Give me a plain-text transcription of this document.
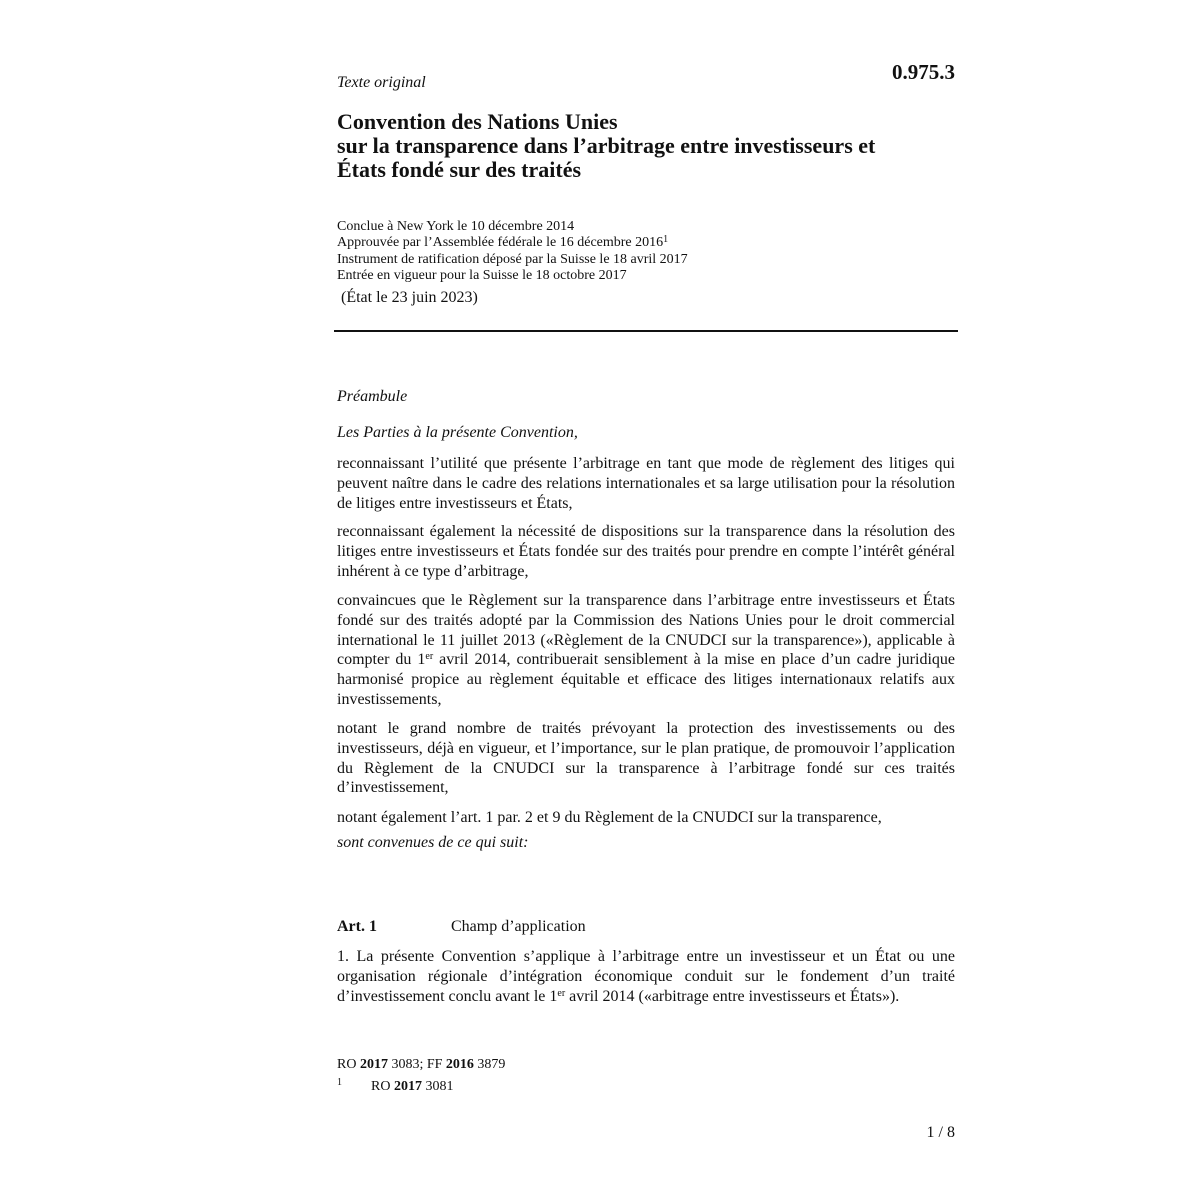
0.975.3

Texte original

Convention des Nations Unies
sur la transparence dans l’arbitrage entre investisseurs et
États fondé sur des traités
Conclue à New York le 10 décembre 2014
Approuvée par l’Assemblée fédérale le 16 décembre 2016$^1$
Instrument de ratification déposé par la Suisse le 18 avril 2017
Entrée en vigueur pour la Suisse le 18 octobre 2017

(État le 23 juin 2023)

Préambule

Les Parties à la présente Convention,

reconnaissant l’utilité que présente l’arbitrage en tant que mode de règlement des litiges qui peuvent naître dans le cadre des relations internationales et sa large utilisation pour la résolution de litiges entre investisseurs et États,

reconnaissant également la nécessité de dispositions sur la transparence dans la résolution des litiges entre investisseurs et États fondée sur des traités pour prendre en compte l’intérêt général inhérent à ce type d’arbitrage,

convaincues que le Règlement sur la transparence dans l’arbitrage entre investisseurs et États fondé sur des traités adopté par la Commission des Nations Unies pour le droit commercial international le 11 juillet 2013 («Règlement de la CNUDCI sur la transparence»), applicable à compter du 1er avril 2014, contribuerait sensiblement à la mise en place d’un cadre juridique harmonisé propice au règlement équitable et efficace des litiges internationaux relatifs aux investissements,

notant le grand nombre de traités prévoyant la protection des investissements ou des investisseurs, déjà en vigueur, et l’importance, sur le plan pratique, de promouvoir l’application du Règlement de la CNUDCI sur la transparence à l’arbitrage fondé sur ces traités d’investissement,

notant également l’art. 1 par. 2 et 9 du Règlement de la CNUDCI sur la transparence,

sont convenues de ce qui suit:

Art. 1	Champ d’application

1. La présente Convention s’applique à l’arbitrage entre un investisseur et un État ou une organisation régionale d’intégration économique conduit sur le fondement d’un traité d’investissement conclu avant le 1er avril 2014 («arbitrage entre investisseurs et États»).

RO 2017 3083; FF 2016 3879

1 RO 2017 3081

1 / 8
